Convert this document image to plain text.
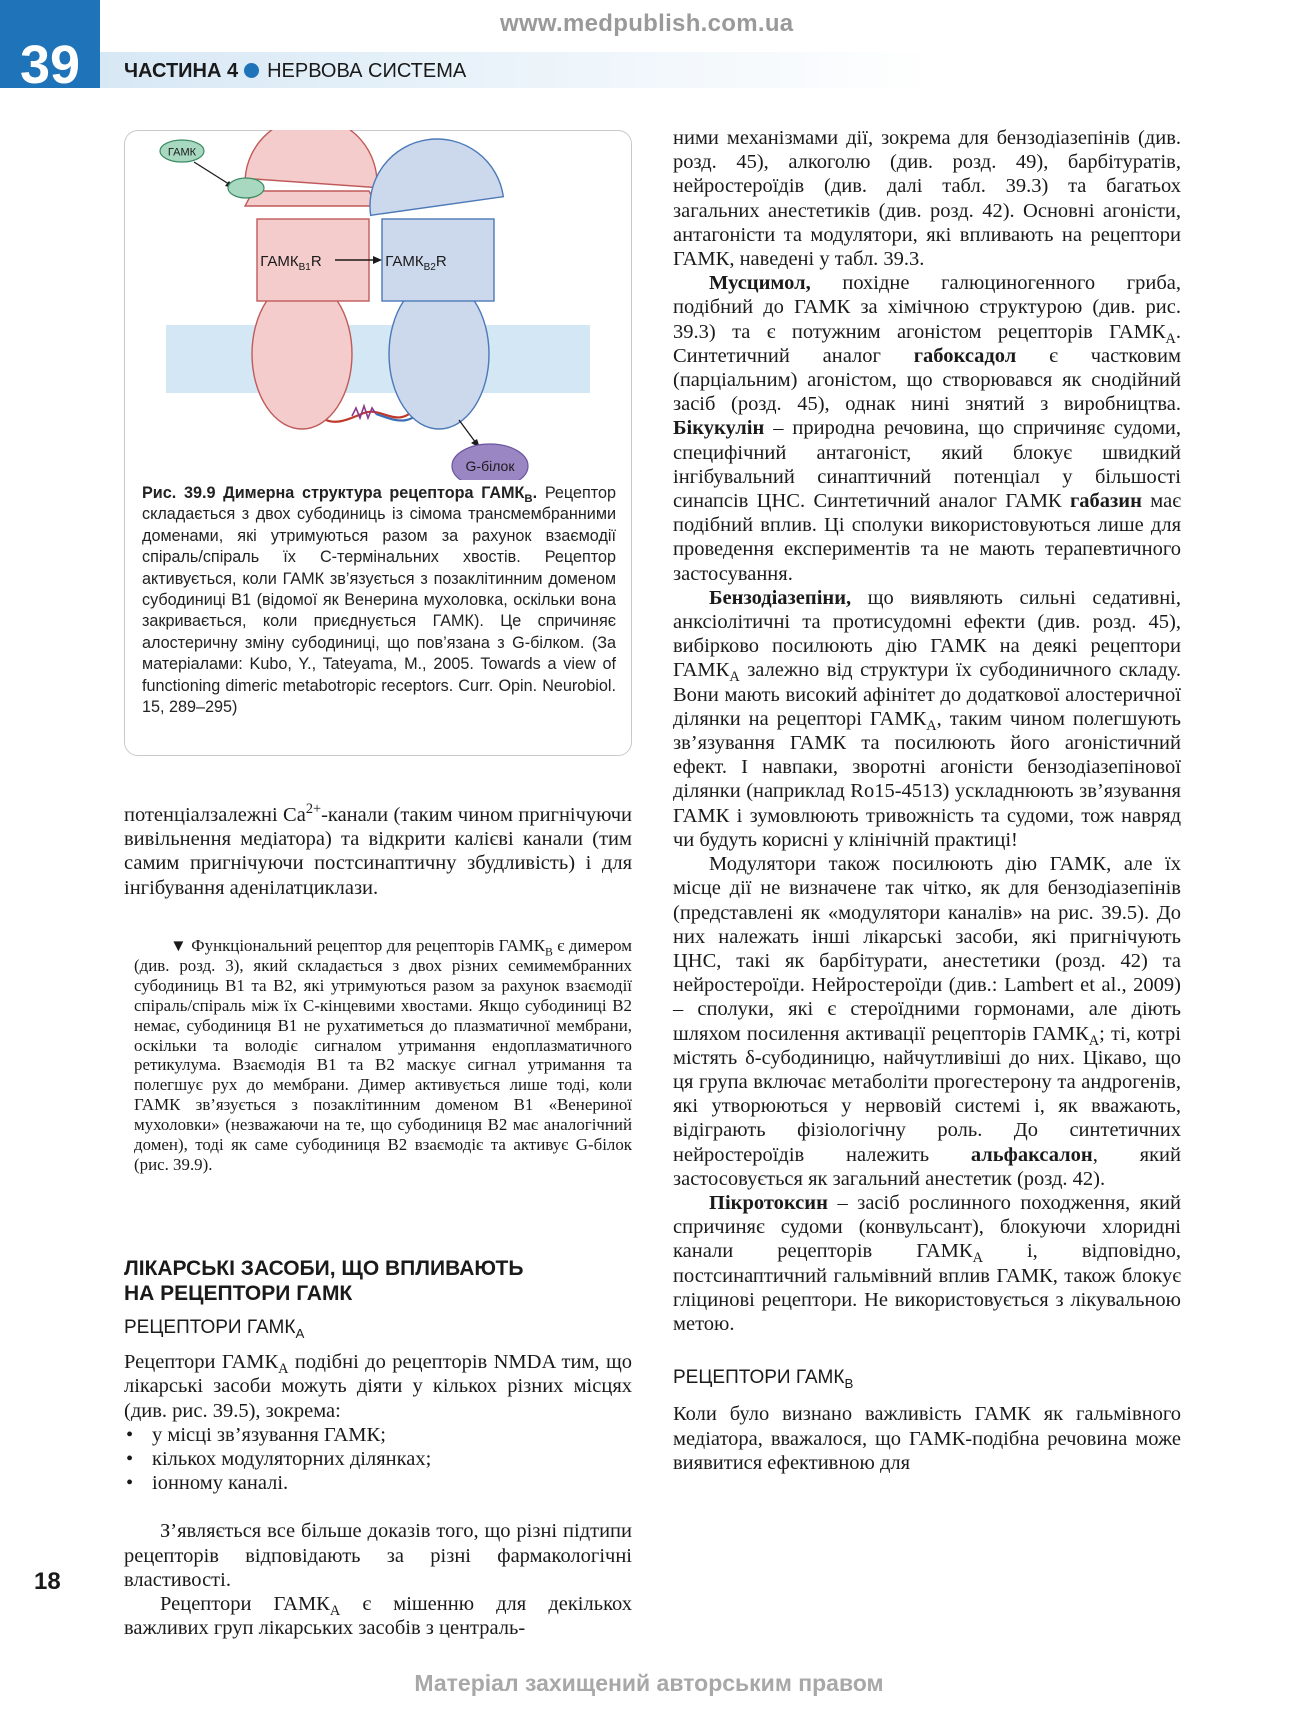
www.medpublish.com.ua
39	ЧАСТИНА 4 НЕРВОВА СИСТЕМА
ГАМК
$ГАМК_{B1}R$	$ГАМК_{B2}R$
G-білок
Рис. 39.9 Димерна структура рецептора $ГАМК_В$. Рецептор складається з двох субодиниць із сімома трансмембранними доменами, які утримуються разом за рахунок взаємодії спіраль/спіраль їх С-термінальних хвостів. Рецептор активується, коли ГАМК зв’язується з позаклітинним доменом субодиниці B1 (відомої як Венерина мухоловка, оскільки вона закривається, коли приєднується ГАМК). Це спричиняє алостеричну зміну субодиниці, що пов’язана з G-білком. (За матеріалами: Kubo, Y., Tateyama, M., 2005. Towards a view of functioning dimeric metabotropic receptors. Curr. Opin. Neurobiol. 15, 289–295)

потенціалзалежні $Ca^{2+}$-канали (таким чином пригнічуючи вивільнення медіатора) та відкрити калієві канали (тим самим пригнічуючи постсинаптичну збудливість) і для інгібування аденілатциклази.

▼ Функціональний рецептор для рецепторів $ГАМК_B$ є димером (див. розд. 3), який складається з двох різних семимембранних субодиниць B1 та B2, які утримуються разом за рахунок взаємодії спіраль/спіраль між їх С-кінцевими хвостами. Якщо субодиниці B2 немає, субодиниця B1 не рухатиметься до плазматичної мембрани, оскільки та володіє сигналом утримання ендоплазматичного ретикулума. Взаємодія B1 та B2 маскує сигнал утримання та полегшує рух до мембрани. Димер активується лише тоді, коли ГАМК зв’язується з позаклітинним доменом B1 «Венериної мухоловки» (незважаючи на те, що субодиниця B2 має аналогічний домен), тоді як саме субодиниця B2 взаємодіє та активує G-білок (рис. 39.9).

ЛІКАРСЬКІ ЗАСОБИ, ЩО ВПЛИВАЮТЬ
НА РЕЦЕПТОРИ ГАМК

РЕЦЕПТОРИ $ГАМК_A$

Рецептори $ГАМК_A$ подібні до рецепторів NMDA тим, що лікарські засоби можуть діяти у кількох різних місцях (див. рис. 39.5), зокрема:

• у місці зв’язування ГАМК;
• кількох модуляторних ділянках;
• іонному каналі.

З’являється все більше доказів того, що різні підтипи рецепторів відповідають за різні фармакологічні властивості.

Рецептори $ГАМК_A$ є мішенню для декількох важливих груп лікарських засобів з централь-

ними механізмами дії, зокрема для бензодіазепінів (див. розд. 45), алкоголю (див. розд. 49), барбітуратів, нейростероїдів (див. далі табл. 39.3) та багатьох загальних анестетиків (див. розд. 42). Основні агоністи, антагоністи та модулятори, які впливають на рецептори ГАМК, наведені у табл. 39.3.

Мусцимол, похідне галюциногенного гриба, подібний до ГАМК за хімічною структурою (див. рис. 39.3) та є потужним агоністом рецепторів $ГАМК_A$. Синтетичний аналог габоксадол є частковим (парціальним) агоністом, що створювався як снодійний засіб (розд. 45), однак нині знятий з виробництва. Бікукулін – природна речовина, що спричиняє судоми, специфічний антагоніст, який блокує швидкий інгібувальний синаптичний потенціал у більшості синапсів ЦНС. Синтетичний аналог ГАМК габазин має подібний вплив. Ці сполуки використовуються лише для проведення експериментів та не мають терапевтичного застосування.

Бензодіазепіни, що виявляють сильні седативні, анксіолітичні та протисудомні ефекти (див. розд. 45), вибірково посилюють дію ГАМК на деякі рецептори $ГАМК_A$ залежно від структури їх субодиничного складу. Вони мають високий афінітет до додаткової алостеричної ділянки на рецепторі $ГАМК_A$, таким чином полегшують зв’язування ГАМК та посилюють його агоністичний ефект. І навпаки, зворотні агоністи бензодіазепінової ділянки (наприклад Ro15-4513) ускладнюють зв’язування ГАМК і зумовлюють тривожність та судоми, тож навряд чи будуть корисні у клінічній практиці!

Модулятори також посилюють дію ГАМК, але їх місце дії не визначене так чітко, як для бензодіазепінів (представлені як «модулятори каналів» на рис. 39.5). До них належать інші лікарські засоби, які пригнічують ЦНС, такі як барбітурати, анестетики (розд. 42) та нейростероїди. Нейростероїди (див.: Lambert et al., 2009) – сполуки, які є стероїдними гормонами, але діють шляхом посилення активації рецепторів $ГАМК_A$; ті, котрі містять δ-субодиницю, найчутливіші до них. Цікаво, що ця група включає метаболіти прогестерону та андрогенів, які утворюються у нервовій системі і, як вважають, відіграють фізіологічну роль. До синтетичних нейростероїдів належить альфаксалон, який застосовується як загальний анестетик (розд. 42).

Пікротоксин – засіб рослинного походження, який спричиняє судоми (конвульсант), блокуючи хлоридні канали рецепторів $ГАМК_A$ і, відповідно, постсинаптичний гальмівний вплив ГАМК, також блокує гліцинові рецептори. Не використовується з лікувальною метою.

РЕЦЕПТОРИ $ГАМК_B$

Коли було визнано важливість ГАМК як гальмівного медіатора, вважалося, що ГАМК-подібна речовина може виявитися ефективною для

18
Матеріал захищений авторським правом
